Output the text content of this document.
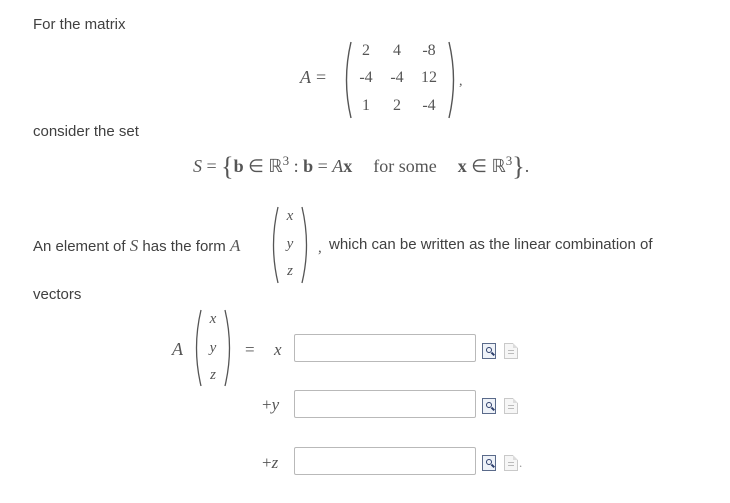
For the matrix
A =
2	4	-8
-4	-4	12
1	2	-4
,
consider the set
S = {b ∈ ℝ$^3$ : b = Ax for some x ∈ ℝ$^3$}.
An element of S has the form A
x
y
z
, which can be written as the linear combination of
vectors
A
x
y
z
= x
+y
+z	.
